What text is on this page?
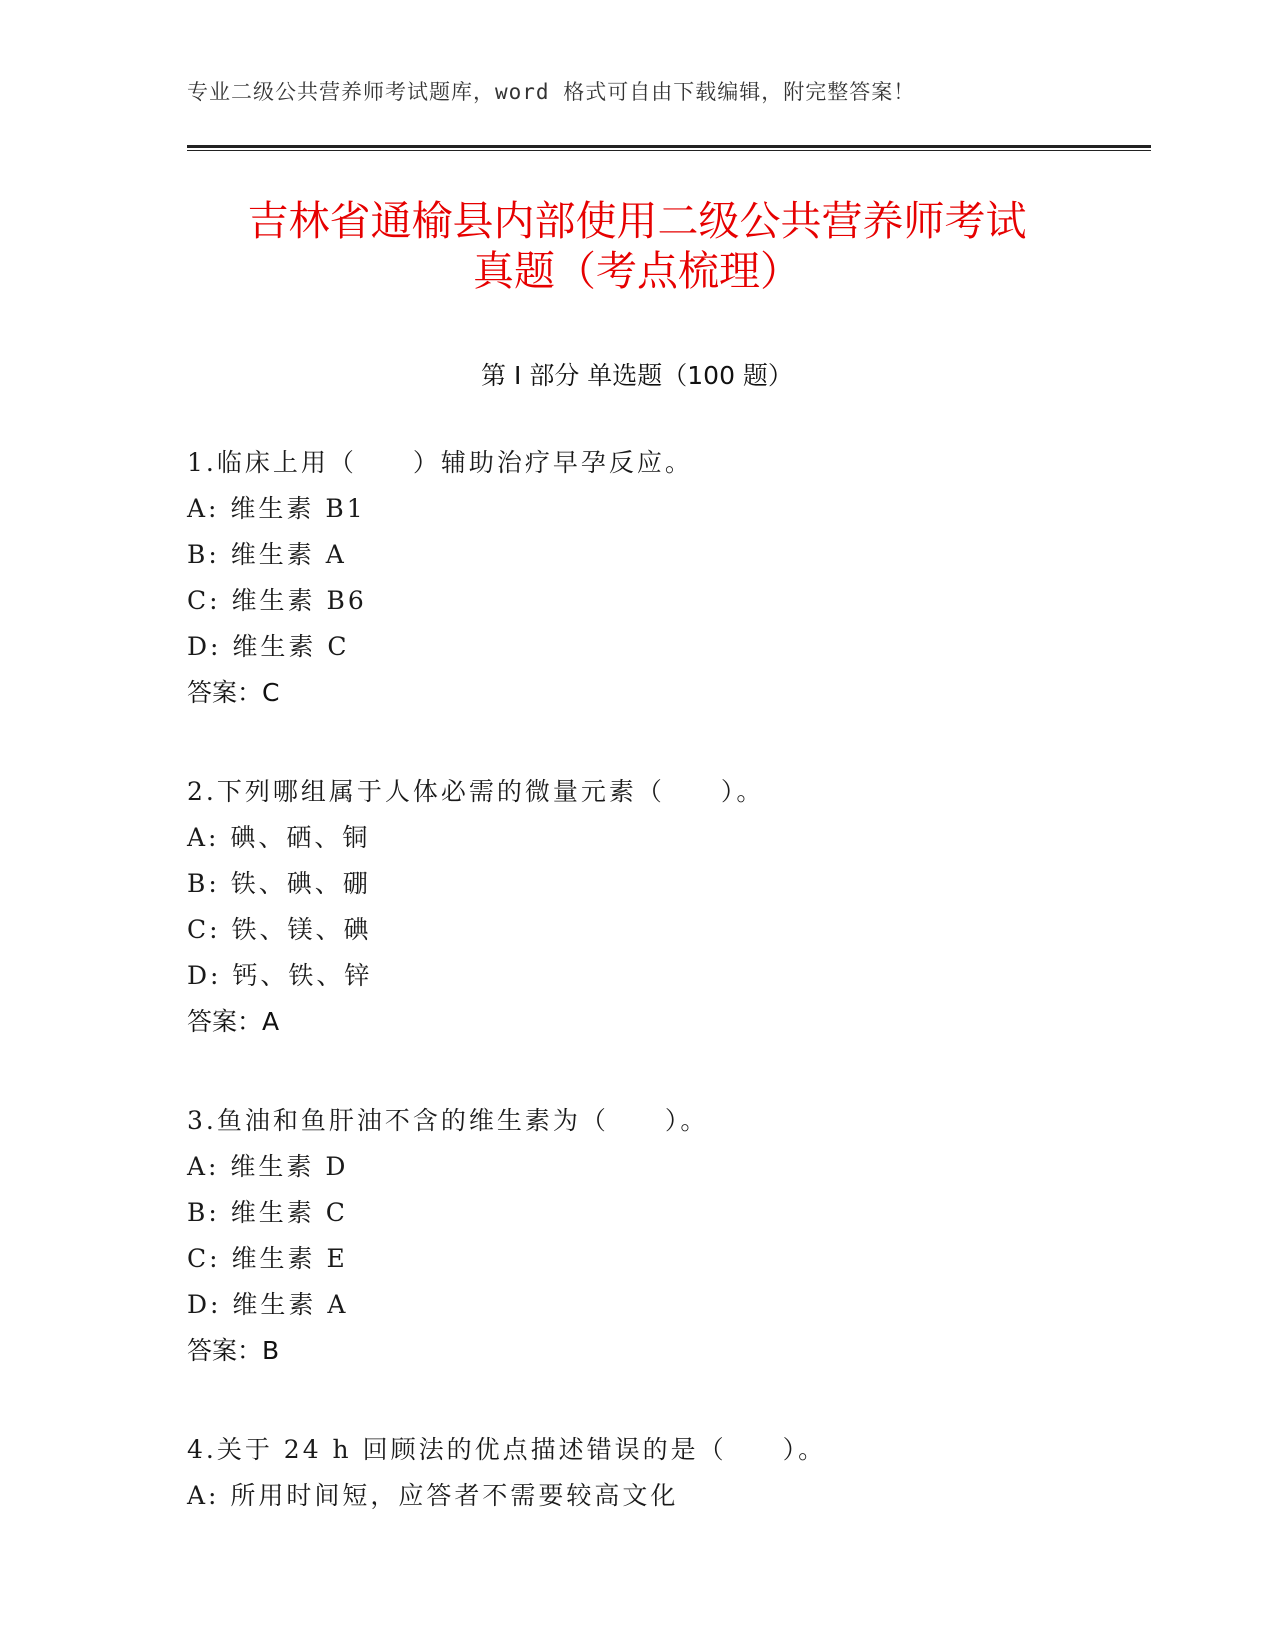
专业二级公共营养师考试题库，word 格式可自由下载编辑，附完整答案！
吉林省通榆县内部使用二级公共营养师考试
真题（考点梳理）
第 I 部分 单选题（100 题）
1.临床上用（　　）辅助治疗早孕反应。
A: 维生素 B1
B: 维生素 A
C: 维生素 B6
D: 维生素 C
答案：C
2.下列哪组属于人体必需的微量元素（　　）。
A: 碘、硒、铜
B: 铁、碘、硼
C: 铁、镁、碘
D: 钙、铁、锌
答案：A
3.鱼油和鱼肝油不含的维生素为（　　）。
A: 维生素 D
B: 维生素 C
C: 维生素 E
D: 维生素 A
答案：B
4.关于 24 h 回顾法的优点描述错误的是（　　）。
A: 所用时间短，应答者不需要较高文化
